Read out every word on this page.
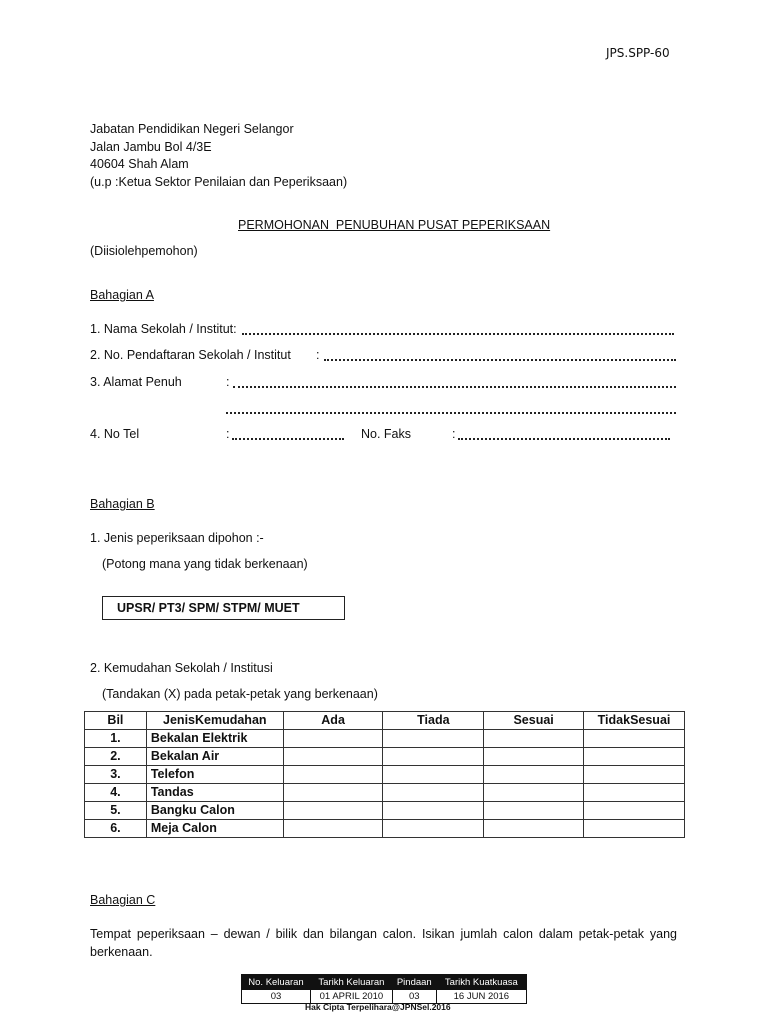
JPS.SPP-60
Jabatan Pendidikan Negeri Selangor
Jalan Jambu Bol 4/3E
40604 Shah Alam
(u.p :Ketua Sektor Penilaian dan Peperiksaan)
PERMOHONAN  PENUBUHAN PUSAT PEPERIKSAAN
(Diisiolehpemohon)
Bahagian A
1. Nama Sekolah / Institut:
2. No. Pendaftaran Sekolah / Institut :
3. Alamat Penuh	:
4. No Tel	:	No. Faks	:
Bahagian B
1. Jenis peperiksaan dipohon :-
(Potong mana yang tidak berkenaan)
UPSR/ PT3/ SPM/ STPM/ MUET
2. Kemudahan Sekolah / Institusi
(Tandakan (X) pada petak-petak yang berkenaan)
Bil	JenisKemudahan	Ada	Tiada	Sesuai	TidakSesuai
1.	Bekalan Elektrik				
2.	Bekalan Air				
3.	Telefon				
4.	Tandas				
5.	Bangku Calon				
6.	Meja Calon				
Bahagian C
Tempat peperiksaan – dewan / bilik dan bilangan calon. Isikan jumlah calon dalam petak-petak yang berkenaan.
No. Keluaran	Tarikh Keluaran	Pindaan	Tarikh Kuatkuasa
03	01 APRIL 2010	03	16 JUN 2016
Hak Cipta Terpelihara@JPNSel.2016
